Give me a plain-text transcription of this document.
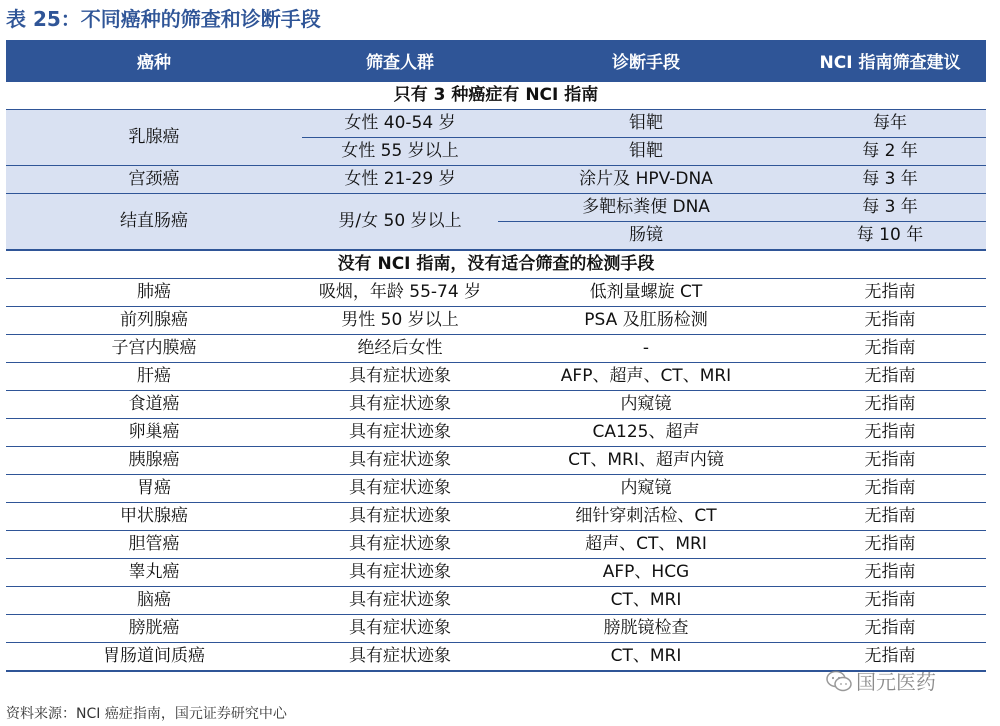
表 25：不同癌种的筛查和诊断手段
癌种	筛查人群	诊断手段	NCI 指南筛查建议
只有 3 种癌症有 NCI 指南			
乳腺癌	女性 40-54 岁	钼靶	每年
	女性 55 岁以上	钼靶	每 2 年
宫颈癌	女性 21-29 岁	涂片及 HPV-DNA	每 3 年
结直肠癌	男/女 50 岁以上	多靶标粪便 DNA	每 3 年
		肠镜	每 10 年
没有 NCI 指南，没有适合筛查的检测手段			
肺癌	吸烟，年龄 55-74 岁	低剂量螺旋 CT	无指南
前列腺癌	男性 50 岁以上	PSA 及肛肠检测	无指南
子宫内膜癌	绝经后女性	-	无指南
肝癌	具有症状迹象	AFP、超声、CT、MRI	无指南
食道癌	具有症状迹象	内窥镜	无指南
卵巢癌	具有症状迹象	CA125、超声	无指南
胰腺癌	具有症状迹象	CT、MRI、超声内镜	无指南
胃癌	具有症状迹象	内窥镜	无指南
甲状腺癌	具有症状迹象	细针穿刺活检、CT	无指南
胆管癌	具有症状迹象	超声、CT、MRI	无指南
睾丸癌	具有症状迹象	AFP、HCG	无指南
脑癌	具有症状迹象	CT、MRI	无指南
膀胱癌	具有症状迹象	膀胱镜检查	无指南
胃肠道间质癌	具有症状迹象	CT、MRI	无指南
资料来源：NCI 癌症指南，国元证券研究中心
国元医药
